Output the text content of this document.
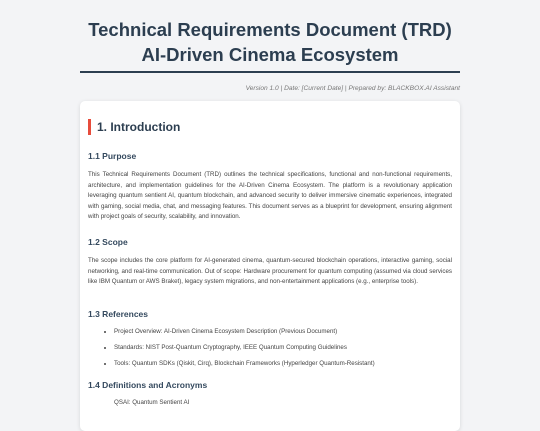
Technical Requirements Document (TRD)
AI-Driven Cinema Ecosystem
Version 1.0 | Date: [Current Date] | Prepared by: BLACKBOX.AI Assistant
1. Introduction
1.1 Purpose
This Technical Requirements Document (TRD) outlines the technical specifications, functional and non-functional requirements, architecture, and implementation guidelines for the AI-Driven Cinema Ecosystem. The platform is a revolutionary application leveraging quantum sentient AI, quantum blockchain, and advanced security to deliver immersive cinematic experiences, integrated with gaming, social media, chat, and messaging features. This document serves as a blueprint for development, ensuring alignment with project goals of security, scalability, and innovation.
1.2 Scope
The scope includes the core platform for AI-generated cinema, quantum-secured blockchain operations, interactive gaming, social networking, and real-time communication. Out of scope: Hardware procurement for quantum computing (assumed via cloud services like IBM Quantum or AWS Braket), legacy system migrations, and non-entertainment applications (e.g., enterprise tools).
1.3 References
• Project Overview: AI-Driven Cinema Ecosystem Description (Previous Document)
• Standards: NIST Post-Quantum Cryptography, IEEE Quantum Computing Guidelines
• Tools: Quantum SDKs (Qiskit, Cirq), Blockchain Frameworks (Hyperledger Quantum-Resistant)
1.4 Definitions and Acronyms
QSAI: Quantum Sentient AI
